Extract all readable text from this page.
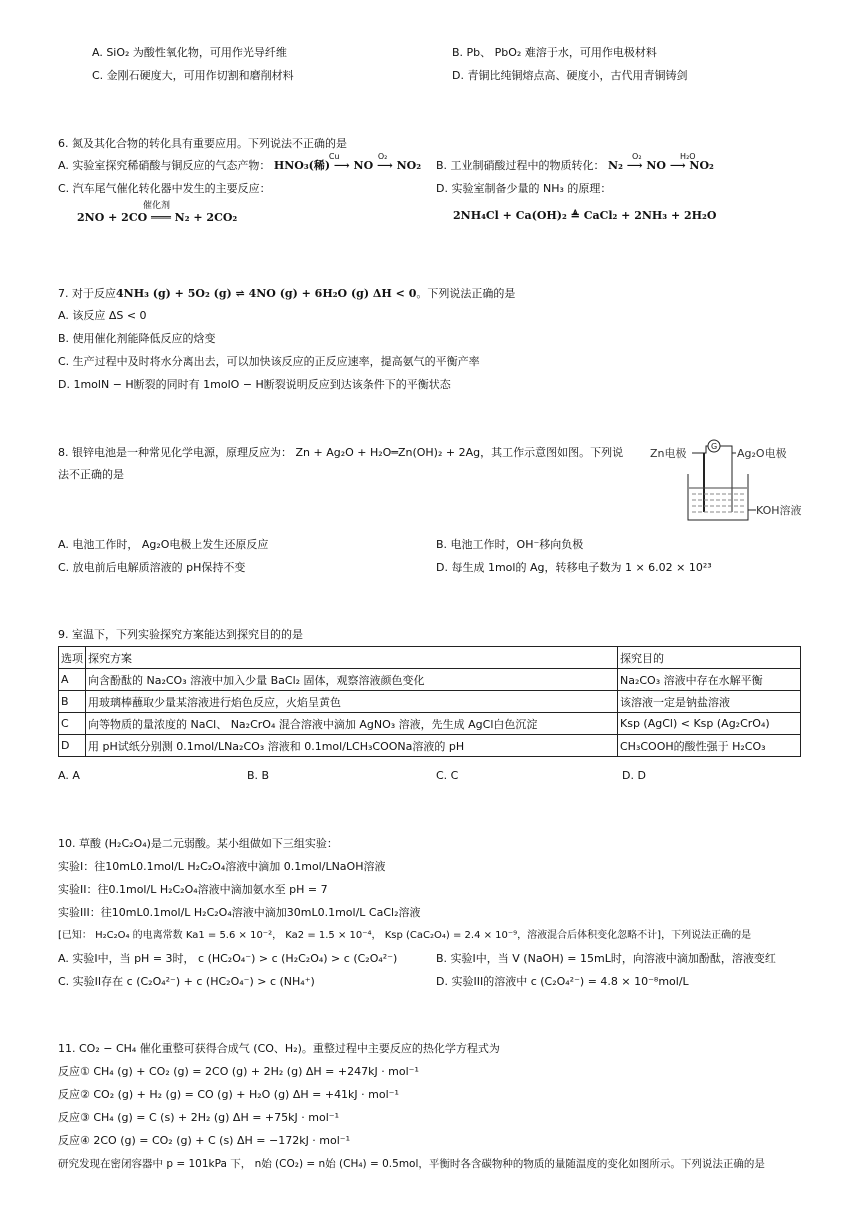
A. SiO₂ 为酸性氧化物，可用作光导纤维	B. Pb、 PbO₂ 难溶于水，可用作电极材料
C. 金刚石硬度大，可用作切割和磨削材料	D. 青铜比纯铜熔点高、硬度小，古代用青铜铸剑
6. 氮及其化合物的转化具有重要应用。下列说法不正确的是
A. 实验室探究稀硝酸与铜反应的气态产物：
Cu	O₂
HNO₃(稀) ⟶ NO ⟶ NO₂ B. 工业制硝酸过程中的物质转化：
O₂	H₂O
N₂ ⟶ NO ⟶ NO₂
C. 汽车尾气催化转化器中发生的主要反应：	D. 实验室制备少量的 NH₃ 的原理：
催化剂
2NO + 2CO ═══ N₂ + 2CO₂	2NH₄Cl + Ca(OH)₂ ≜ CaCl₂ + 2NH₃ + 2H₂O
7. 对于反应4NH₃ (g) + 5O₂ (g) ⇌ 4NO (g) + 6H₂O (g) ΔH < 0。下列说法正确的是
A. 该反应 ΔS < 0
B. 使用催化剂能降低反应的焓变
C. 生产过程中及时将水分离出去，可以加快该反应的正反应速率，提高氨气的平衡产率
D. 1molN − H断裂的同时有 1molO − H断裂说明反应到达该条件下的平衡状态
8. 银锌电池是一种常见化学电源，原理反应为： Zn + Ag₂O + H₂O═Zn(OH)₂ + 2Ag，其工作示意图如图。下列说
法不正确的是
Zn电极
G
Ag₂O电极
KOH溶液
A. 电池工作时， Ag₂O电极上发生还原反应	B. 电池工作时，OH⁻移向负极
C. 放电前后电解质溶液的 pH保持不变	D. 每生成 1mol的 Ag，转移电子数为 1 × 6.02 × 10²³
9. 室温下，下列实验探究方案能达到探究目的的是
选项	探究方案	探究目的
A	向含酚酞的 Na₂CO₃ 溶液中加入少量 BaCl₂ 固体，观察溶液颜色变化	Na₂CO₃ 溶液中存在水解平衡
B	用玻璃棒蘸取少量某溶液进行焰色反应，火焰呈黄色	该溶液一定是钠盐溶液
C	向等物质的量浓度的 NaCl、 Na₂CrO₄ 混合溶液中滴加 AgNO₃ 溶液，先生成 AgCl白色沉淀	Ksp (AgCl) < Ksp (Ag₂CrO₄)
D	用 pH试纸分别测 0.1mol/LNa₂CO₃ 溶液和 0.1mol/LCH₃COONa溶液的 pH	CH₃COOH的酸性强于 H₂CO₃
A. A	B. B	C. C	D. D
10. 草酸 (H₂C₂O₄)是二元弱酸。某小组做如下三组实验：
实验I：往10mL0.1mol/L H₂C₂O₄溶液中滴加 0.1mol/LNaOH溶液
实验II：往0.1mol/L H₂C₂O₄溶液中滴加氨水至 pH = 7
实验III：往10mL0.1mol/L H₂C₂O₄溶液中滴加30mL0.1mol/L CaCl₂溶液
[已知： H₂C₂O₄ 的电离常数 Ka1 = 5.6 × 10⁻²， Ka2 = 1.5 × 10⁻⁴， Ksp (CaC₂O₄) = 2.4 × 10⁻⁹，溶液混合后体积变化忽略不计]，下列说法正确的是
A. 实验I中，当 pH = 3时， c (HC₂O₄⁻) > c (H₂C₂O₄) > c (C₂O₄²⁻)	B. 实验I中，当 V (NaOH) = 15mL时，向溶液中滴加酚酞，溶液变红
C. 实验II存在 c (C₂O₄²⁻) + c (HC₂O₄⁻) > c (NH₄⁺)	D. 实验III的溶液中 c (C₂O₄²⁻) = 4.8 × 10⁻⁸mol/L
11. CO₂ − CH₄ 催化重整可获得合成气 (CO、H₂)。重整过程中主要反应的热化学方程式为
反应① CH₄ (g) + CO₂ (g) = 2CO (g) + 2H₂ (g) ΔH = +247kJ · mol⁻¹
反应② CO₂ (g) + H₂ (g) = CO (g) + H₂O (g) ΔH = +41kJ · mol⁻¹
反应③ CH₄ (g) = C (s) + 2H₂ (g) ΔH = +75kJ · mol⁻¹
反应④ 2CO (g) = CO₂ (g) + C (s) ΔH = −172kJ · mol⁻¹
研究发现在密闭容器中 p = 101kPa 下， n始 (CO₂) = n始 (CH₄) = 0.5mol，平衡时各含碳物种的物质的量随温度的变化如图所示。下列说法正确的是
